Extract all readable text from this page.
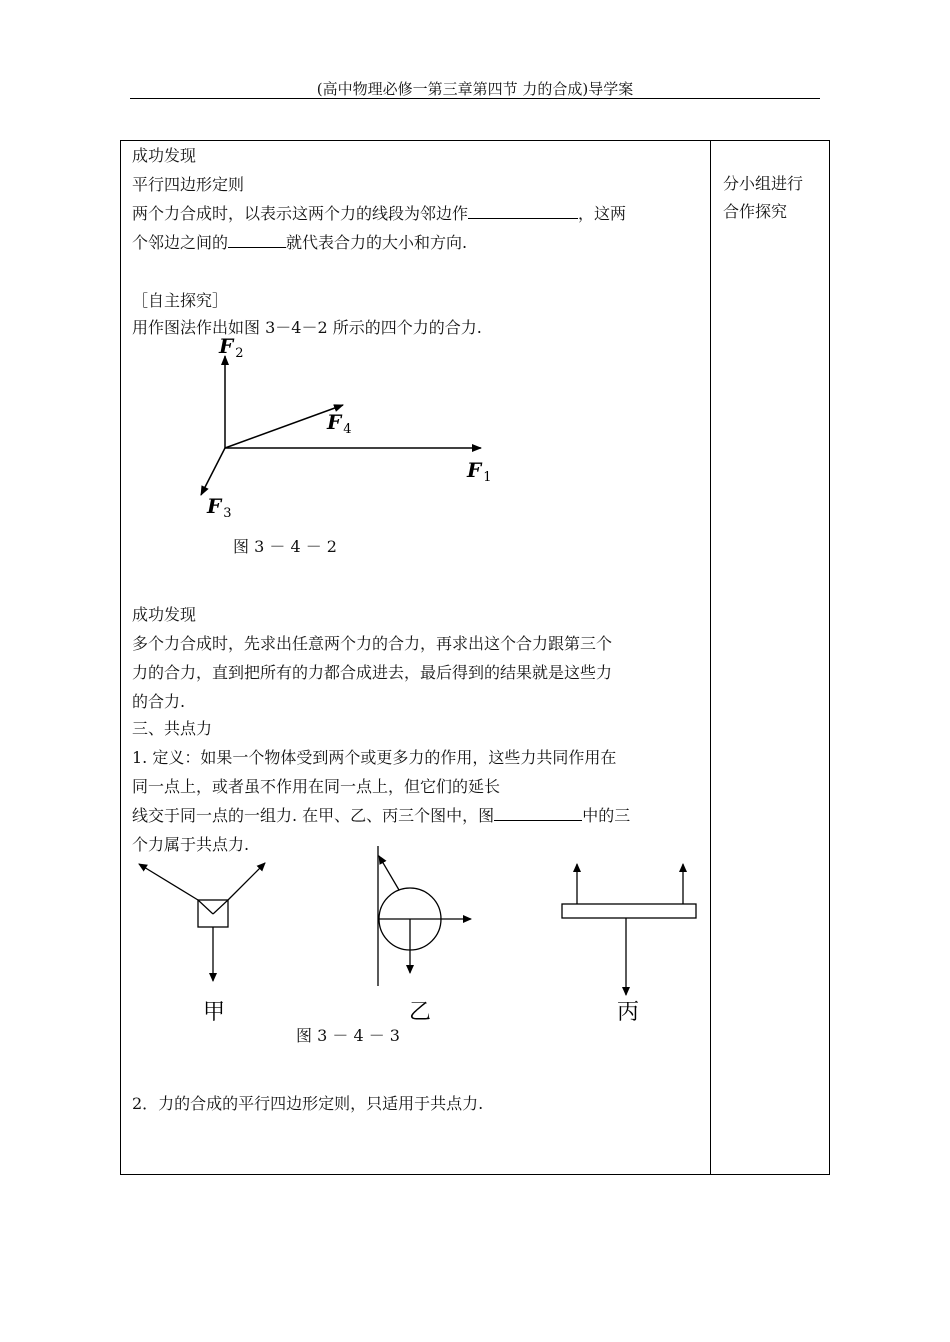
(高中物理必修一第三章第四节 力的合成)导学案
成功发现
平行四边形定则
两个力合成时，以表示这两个力的线段为邻边作	，这两
个邻边之间的	就代表合力的大小和方向.
［自主探究］
用作图法作出如图 3－4－2 所示的四个力的合力.
F $_1$
F $_2$
F $_3$
F $_4$
图 3 － 4 － 2
成功发现
多个力合成时，先求出任意两个力的合力，再求出这个合力跟第三个
力的合力，直到把所有的力都合成进去，最后得到的结果就是这些力
的合力.
三、共点力
1. 定义：如果一个物体受到两个或更多力的作用，这些力共同作用在
同一点上，或者虽不作用在同一点上，但它们的延长
线交于同一点的一组力. 在甲、乙、丙三个图中，图	中的三
个力属于共点力.
甲	乙	丙
图 3 － 4 － 3
2．力的合成的平行四边形定则，只适用于共点力.
分小组进行
合作探究
